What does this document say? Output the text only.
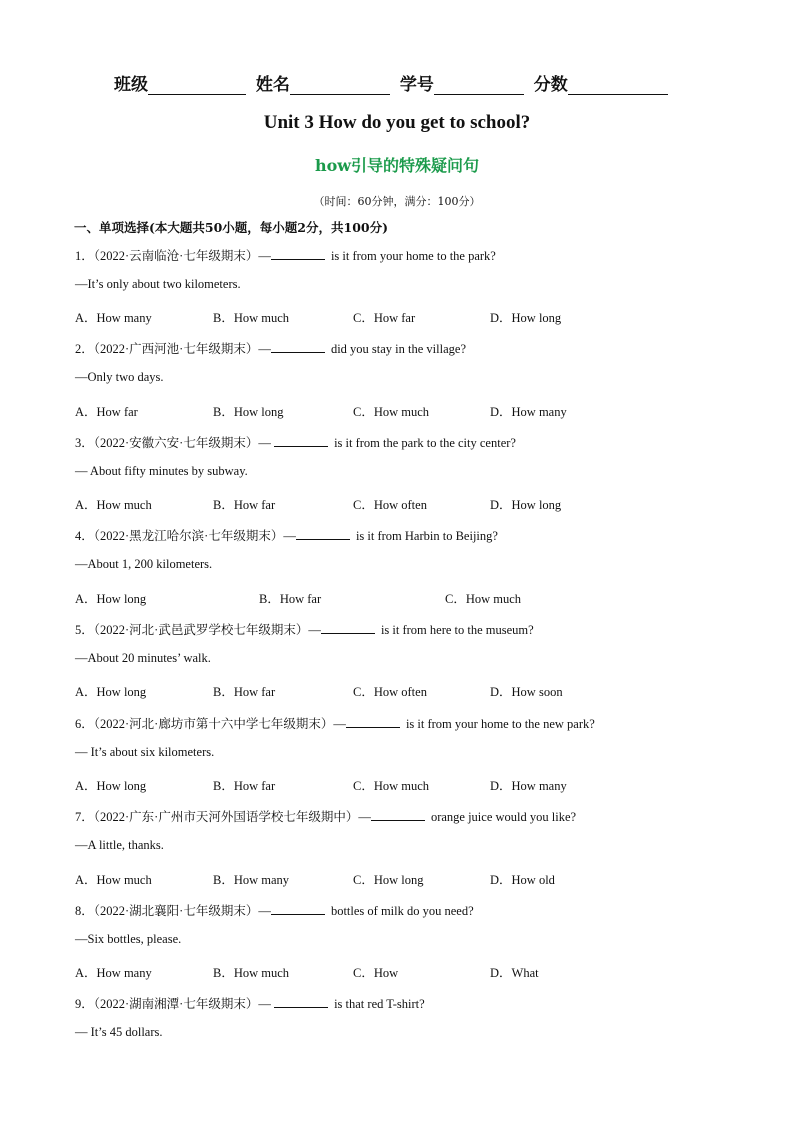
班级	姓名	学号	分数
Unit 3 How do you get to school?
how引导的特殊疑问句
（时间：60分钟，满分：100分）
一、单项选择(本大题共50小题，每小题2分，共100分)
1．（2022·云南临沧·七年级期末）—	is it from your home to the park?
—It’s only about two kilometers.
A．How many	B．How much	C．How far	D．How long
2．（2022·广西河池·七年级期末）—	did you stay in the village?
—Only two days.
A．How far	B．How long	C．How much	D．How many
3．（2022·安徽六安·七年级期末）—	is it from the park to the city center?
— About fifty minutes by subway.
A．How much	B．How far	C．How often	D．How long
4．（2022·黑龙江哈尔滨·七年级期末）—	is it from Harbin to Beijing?
—About 1, 200 kilometers.
A．How long	B．How far	C．How much
5．（2022·河北·武邑武罗学校七年级期末）—	is it from here to the museum?
—About 20 minutes’ walk.
A．How long	B．How far	C．How often	D．How soon
6．（2022·河北·廊坊市第十六中学七年级期末）—	is it from your home to the new park?
— It’s about six kilometers.
A．How long	B．How far	C．How much	D．How many
7．（2022·广东·广州市天河外国语学校七年级期中）—	orange juice would you like?
—A little, thanks.
A．How much	B．How many	C．How long	D．How old
8．（2022·湖北襄阳·七年级期末）—	bottles of milk do you need?
—Six bottles, please.
A．How many	B．How much	C．How	D．What
9．（2022·湖南湘潭·七年级期末）—	is that red T-shirt?
— It’s 45 dollars.
